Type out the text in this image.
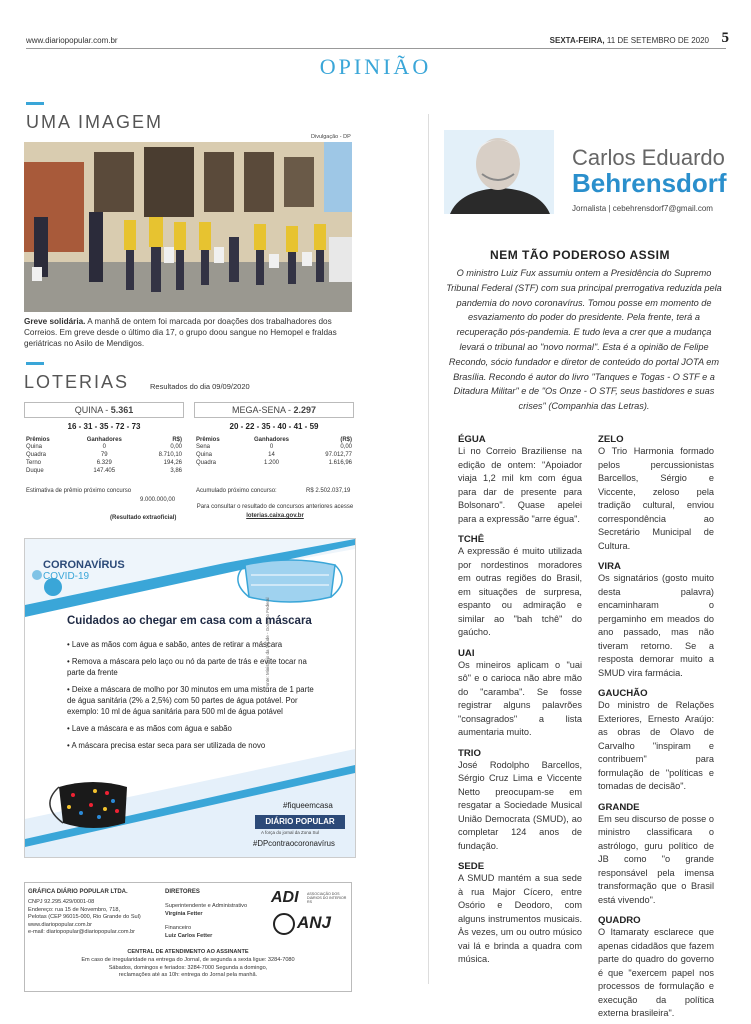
www.diariopopular.com.br	SEXTA-FEIRA, 11 DE SETEMBRO DE 2020 5
OPINIÃO
UMA IMAGEM
Divulgação - DP
Greve solidária. A manhã de ontem foi marcada por doações dos trabalhadores dos Correios. Em greve desde o último dia 17, o grupo doou sangue no Hemopel e fraldas geriátricas no Asilo de Mendigos.
LOTERIAS	Resultados do dia 09/09/2020
QUINA - 5.361
16 - 31 - 35 - 72 - 73
Prêmios	Ganhadores	R$)
Quina	0	0,00
Quadra	79	8.710,10
Terno	6.329	194,26
Duque	147.405	3,86
Estimativa de prêmio próximo concurso
9.000.000,00
(Resultado extraoficial)
MEGA-SENA - 2.297
20 - 22 - 35 - 40 - 41 - 59
Prêmios	Ganhadores	(R$)
Sena	0	0,00
Quina	14	97.012,77
Quadra	1.200	1.616,96
Acumulado próximo concurso:	R$ 2.502.037,19
Para consultar o resultado de concursos anteriores acesse loterias.caixa.gov.br
CORONAVÍRUS
COVID-19
Cuidados ao chegar em casa com a máscara
• Lave as mãos com água e sabão, antes de retirar a máscara
• Remova a máscara pelo laço ou nó da parte de trás e evite tocar na parte da frente
• Deixe a máscara de molho por 30 minutos em uma mistura de 1 parte de água sanitária (2% a 2,5%) com 50 partes de água potável. Por exemplo: 10 ml de água sanitária para 500 ml de água potável
• Lave a máscara e as mãos com água e sabão
• A máscara precisa estar seca para ser utilizada de novo
Fonte: Ministério da Saúde - Governo Federal
#fiqueemcasa
DIÁRIO POPULAR
A força do jornal da Zona Sul
#DPcontraocoronavírus
GRÁFICA DIÁRIO POPULAR LTDA.
CNPJ 92.295.429/0001-08
Endereço: rua 15 de Novembro, 718,
Pelotas (CEP 96015-000, Rio Grande do Sul)
www.diariopopular.com.br
e-mail: diariopopular@diariopopular.com.br
DIRETORES
Superintendente e Administrativo
Virgínia Fetter
Financeiro
Luiz Carlos Fetter
ADI ASSOCIAÇÃO DOS DIÁRIOS DO INTERIOR RS
ANJ
CENTRAL DE ATENDIMENTO AO ASSINANTE
Em caso de irregularidade na entrega do Jornal, de segunda a sexta ligue: 3284-7080
Sábados, domingos e feriados: 3284-7000 Segunda a domingo,
reclamações até as 10h: entrega do Jornal pela manhã.
Carlos Eduardo
Behrensdorf
Jornalista | cebehrensdorf7@gmail.com
NEM TÃO PODEROSO ASSIM
O ministro Luiz Fux assumiu ontem a Presidência do Supremo Tribunal Federal (STF) com sua principal prerrogativa reduzida pela pandemia do novo coronavírus. Tomou posse em momento de esvaziamento do poder do presidente. Pela frente, terá a recuperação pós-pandemia. E tudo leva a crer que a mudança levará o tribunal ao "novo normal". Esta é a opinião de Felipe Recondo, sócio fundador e diretor de conteúdo do portal JOTA em Brasília. Recondo é autor do livro "Tanques e Togas - O STF e a Ditadura Militar" e de "Os Onze - O STF, seus bastidores e suas crises" (Companhia das Letras).
ÉGUA
Li no Correio Braziliense na edição de ontem: "Apoiador viaja 1,2 mil km com égua para dar de presente para Bolsonaro". Quase apelei para a expressão "arre égua".
TCHÊ
A expressão é muito utilizada por nordestinos moradores em outras regiões do Brasil, em situações de surpresa, espanto ou admiração e similar ao "bah tchê" do gaúcho.
UAI
Os mineiros aplicam o "uai sô" e o carioca não abre mão do "caramba". Se fosse registrar alguns palavrões "consagrados" a lista aumentaria muito.
TRIO
José Rodolpho Barcellos, Sérgio Cruz Lima e Viccente Netto preocupam-se em resgatar a Sociedade Musical União Democrata (SMUD), ao completar 124 anos de fundação.
SEDE
A SMUD mantém a sua sede à rua Major Cícero, entre Osório e Deodoro, com alguns instrumentos musicais. Às vezes, um ou outro músico vai lá e brinda a quadra com música.
ZELO
O Trio Harmonia formado pelos percussionistas Barcellos, Sérgio e Viccente, zeloso pela tradição cultural, enviou correspondência ao Secretário Municipal de Cultura.
VIRA
Os signatários (gosto muito desta palavra) encaminharam o pergaminho em meados do ano passado, mas não tiveram retorno. Se a resposta demorar muito a SMUD vira farmácia.
GAUCHÃO
Do ministro de Relações Exteriores, Ernesto Araújo: as obras de Olavo de Carvalho "inspiram e contribuem" para formulação de "políticas e tomadas de decisão".
GRANDE
Em seu discurso de posse o ministro classificara o astrólogo, guru político de JB como "o grande responsável pela imensa transformação que o Brasil está vivendo".
QUADRO
O Itamaraty esclarece que apenas cidadãos que fazem parte do quadro do governo é que "exercem papel nos processos de formulação e execução da política externa brasileira".
